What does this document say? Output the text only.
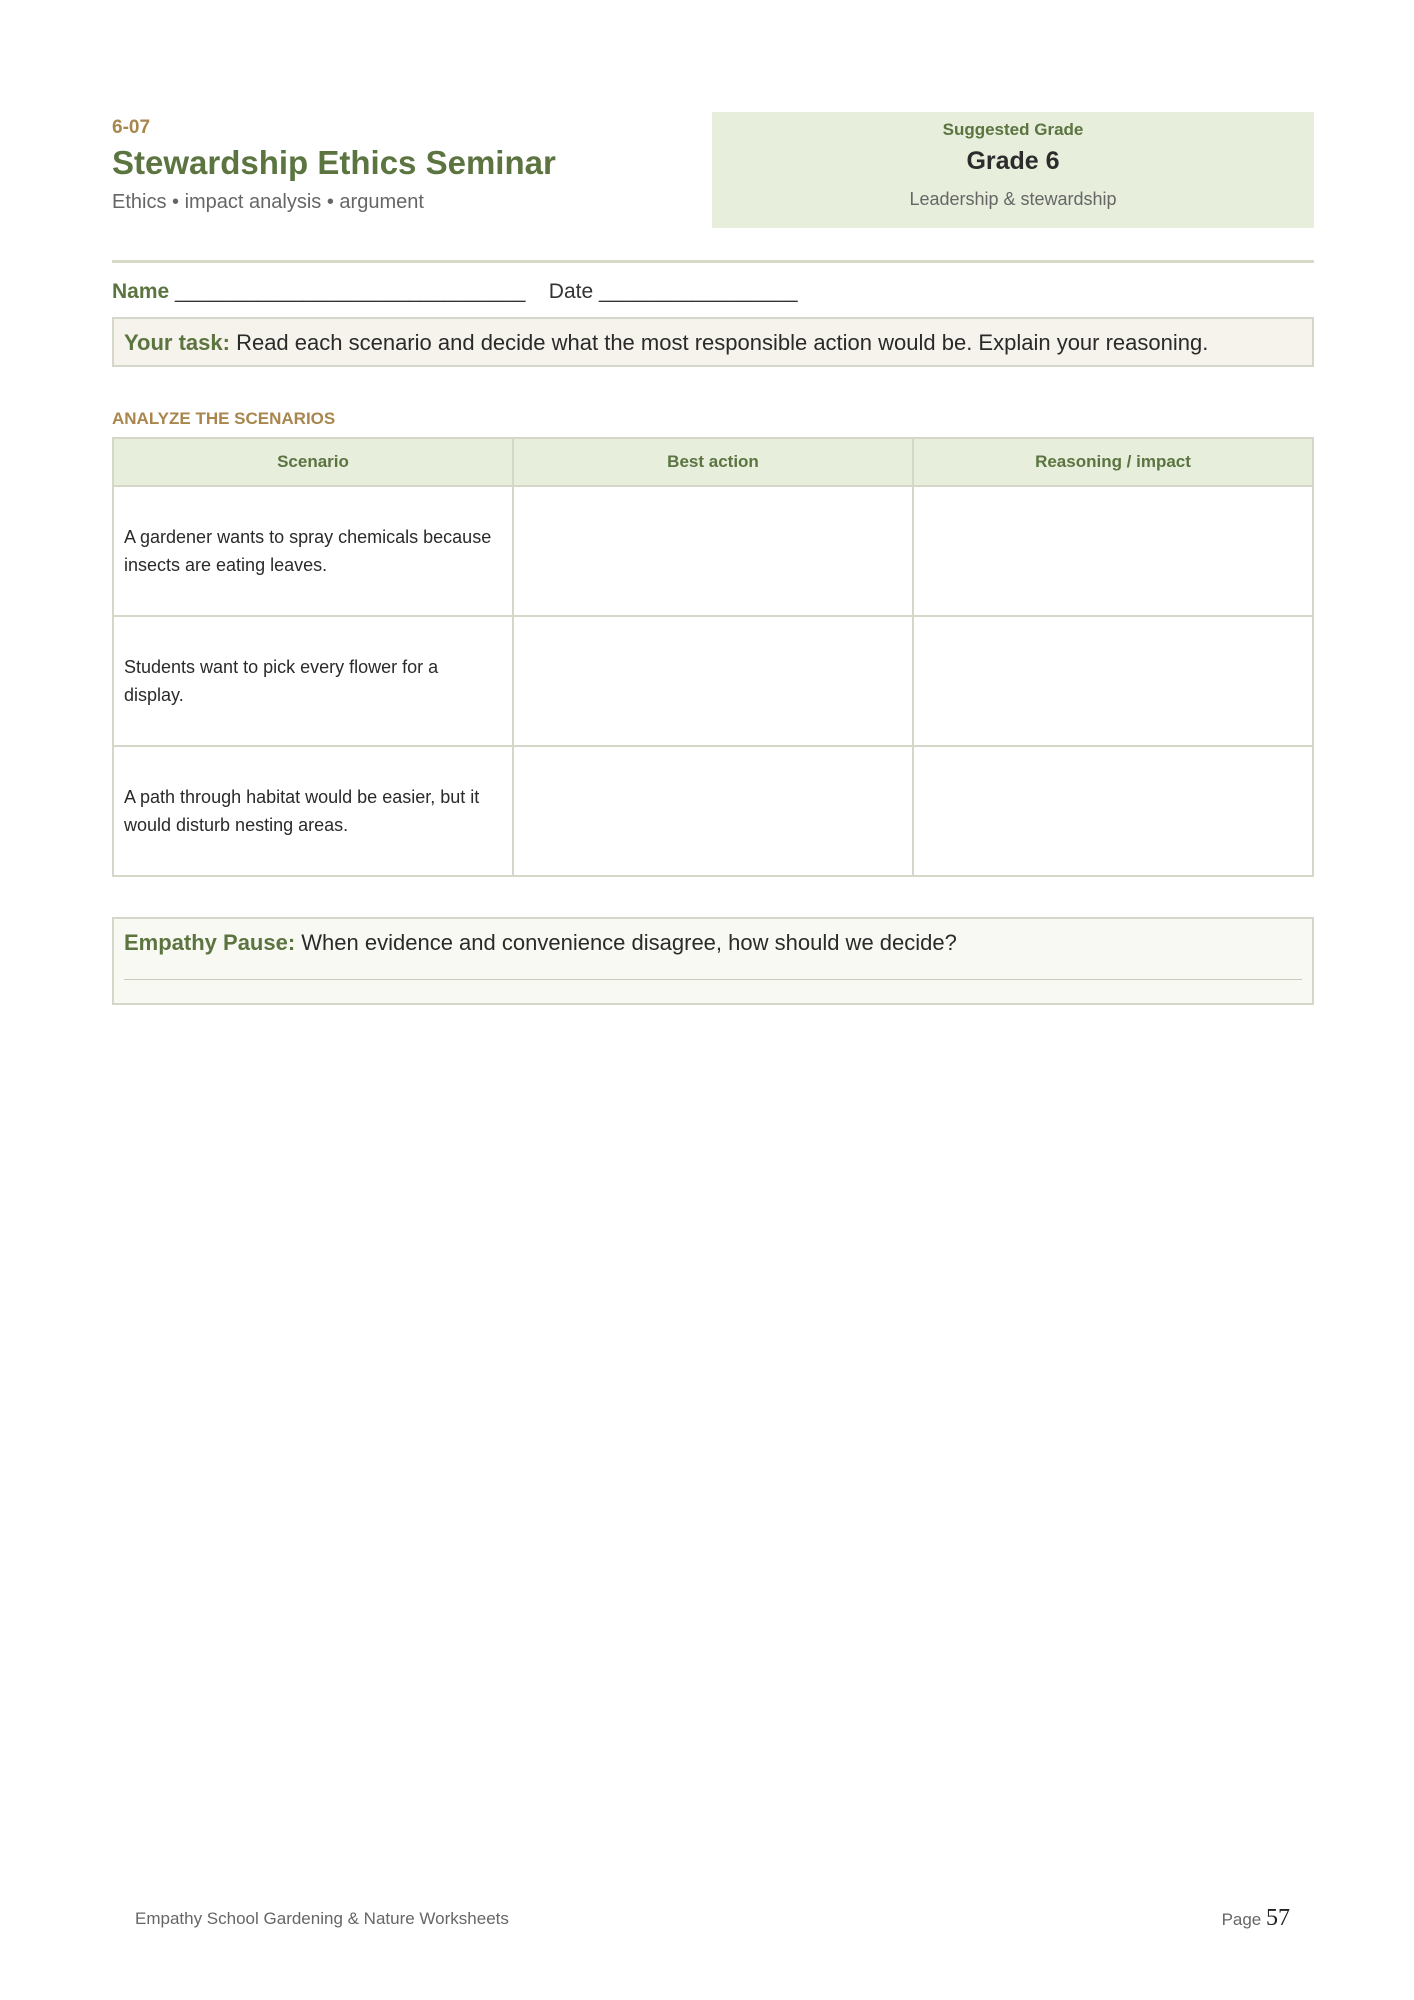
6-07
Stewardship Ethics Seminar
Ethics • impact analysis • argument
Suggested Grade
Grade 6
Leadership & stewardship
Name ______________________________ Date _________________
Your task: Read each scenario and decide what the most responsible action would be. Explain your reasoning.
ANALYZE THE SCENARIOS
Scenario	Best action	Reasoning / impact
A gardener wants to spray chemicals because insects are eating leaves.		
Students want to pick every flower for a display.		
A path through habitat would be easier, but it would disturb nesting areas.		
Empathy Pause: When evidence and convenience disagree, how should we decide?
Empathy School Gardening & Nature Worksheets	Page 57
